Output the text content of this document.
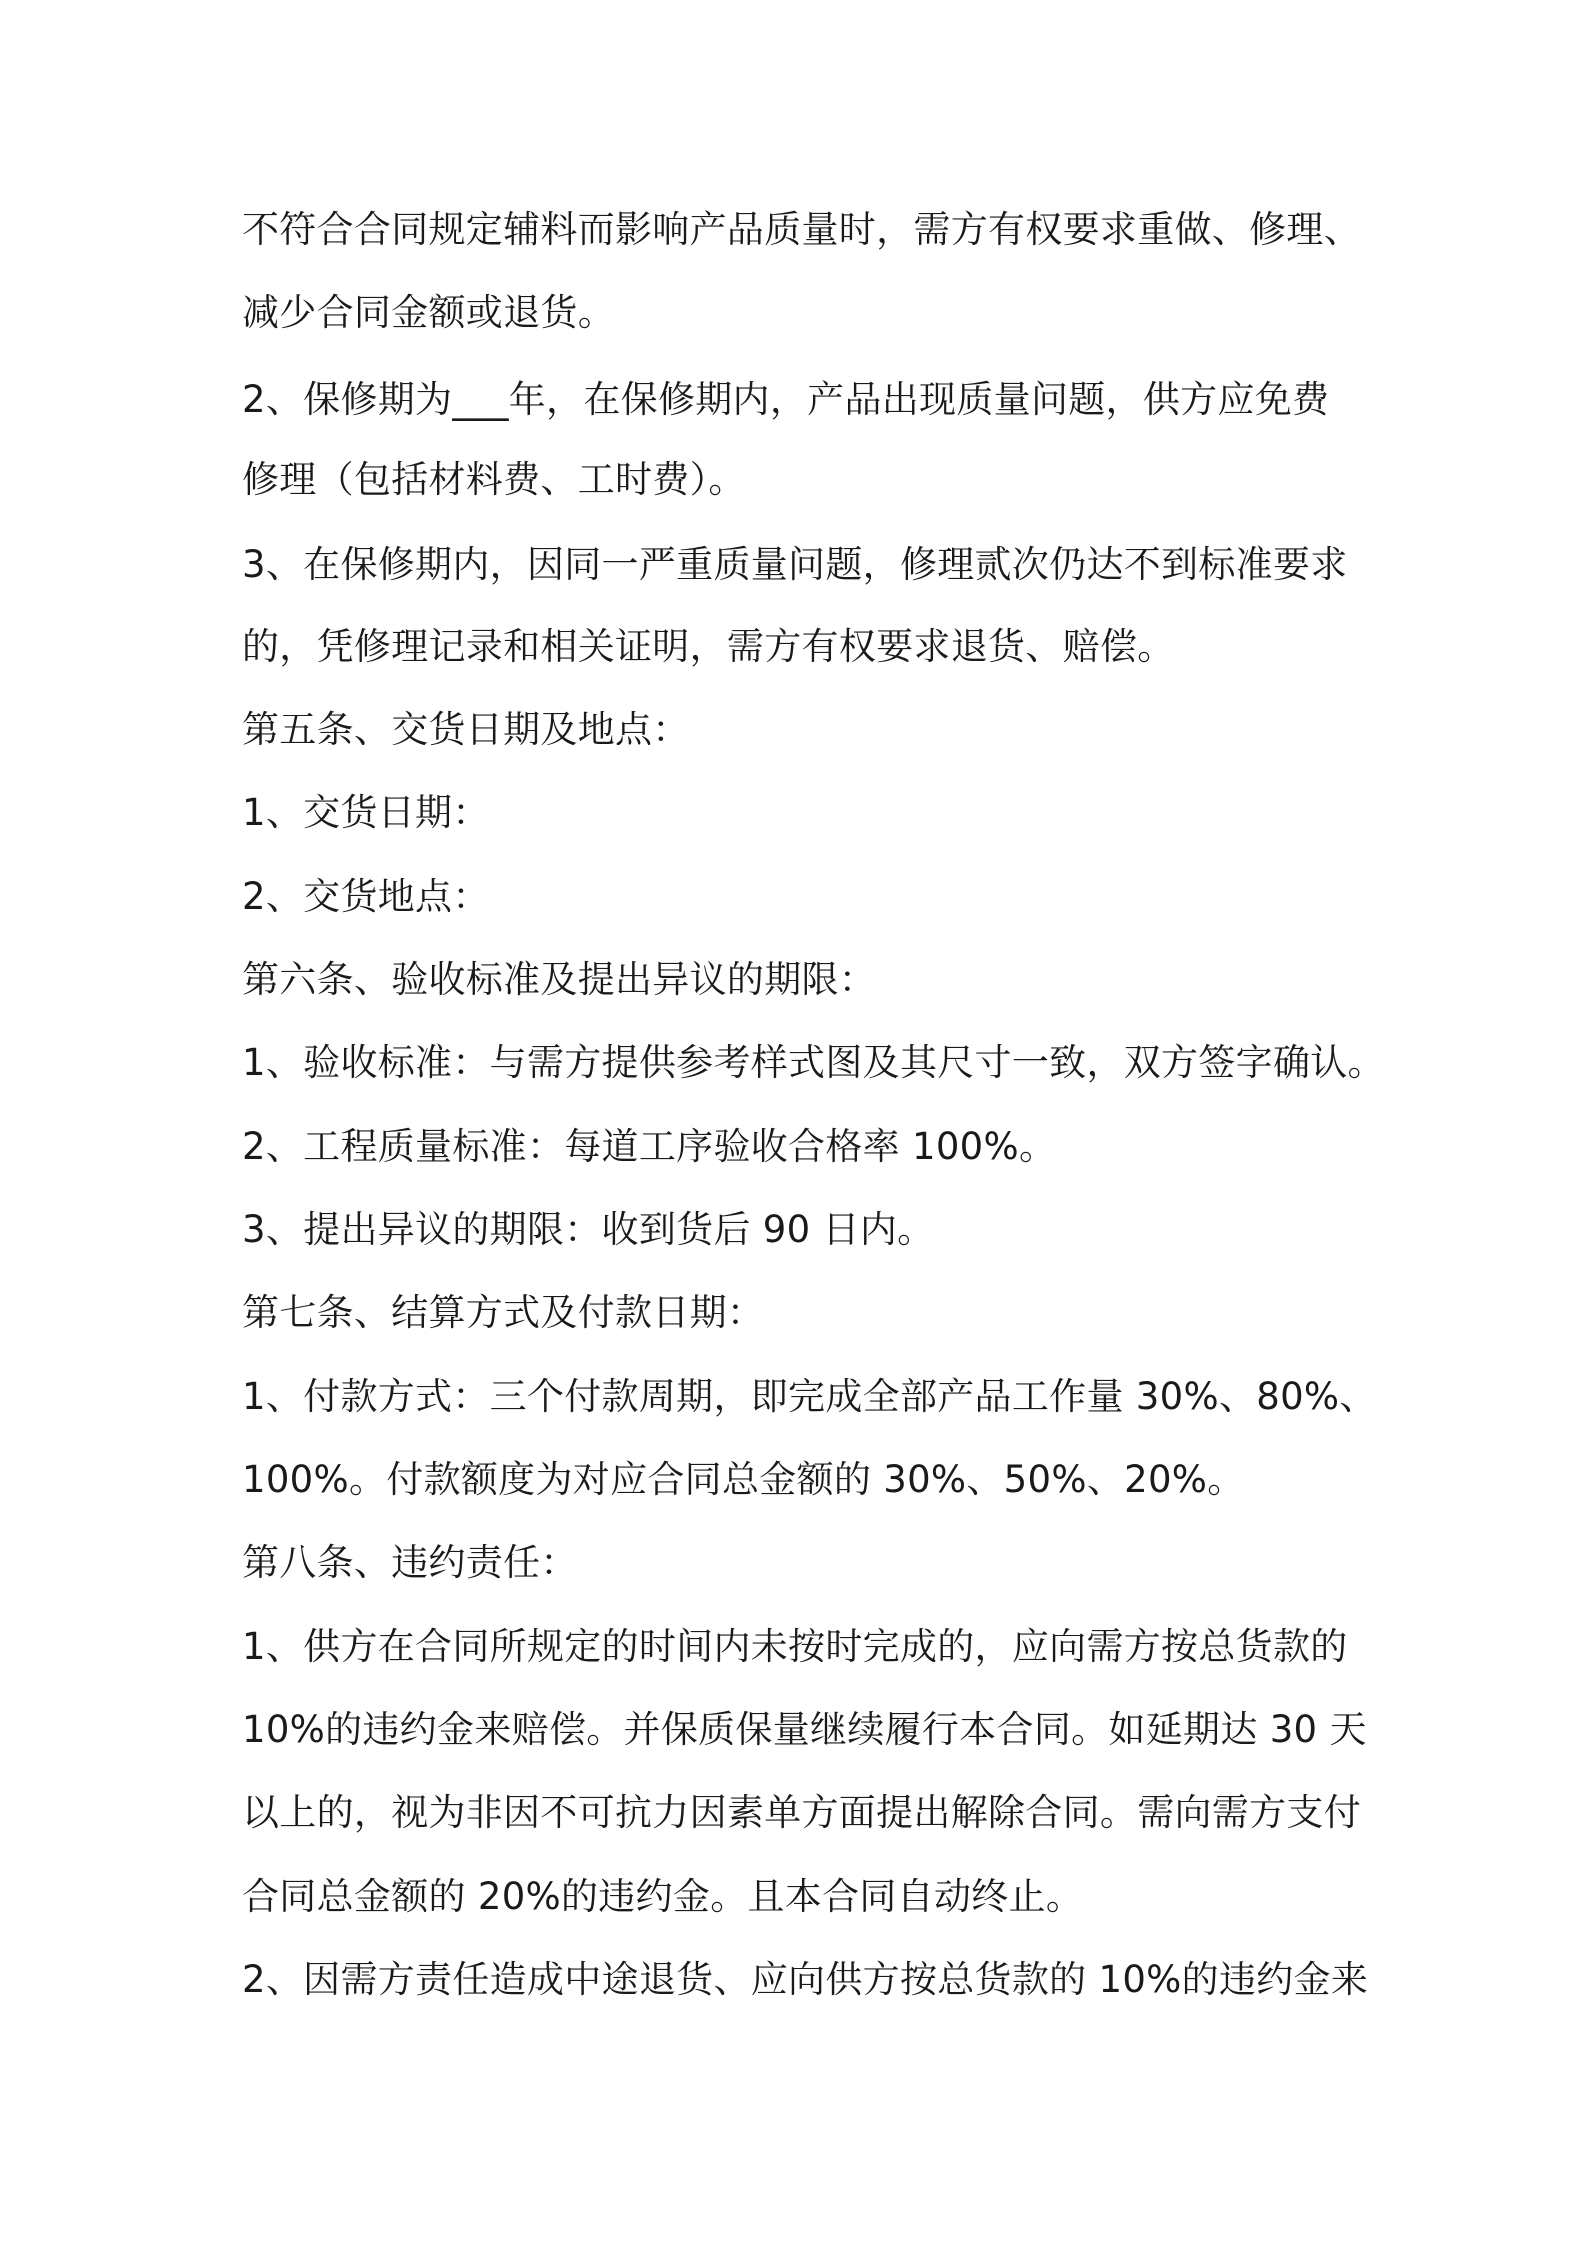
不符合合同规定辅料而影响产品质量时，需方有权要求重做、修理、
减少合同金额或退货。
2、保修期为___年，在保修期内，产品出现质量问题，供方应免费
修理（包括材料费、工时费）。
3、在保修期内，因同一严重质量问题，修理贰次仍达不到标准要求
的，凭修理记录和相关证明，需方有权要求退货、赔偿。
第五条、交货日期及地点：
1、交货日期：
2、交货地点：
第六条、验收标准及提出异议的期限：
1、验收标准：与需方提供参考样式图及其尺寸一致，双方签字确认。
2、工程质量标准：每道工序验收合格率 100%。
3、提出异议的期限：收到货后 90 日内。
第七条、结算方式及付款日期：
1、付款方式：三个付款周期，即完成全部产品工作量 30%、80%、
100%。付款额度为对应合同总金额的 30%、50%、20%。
第八条、违约责任：
1、供方在合同所规定的时间内未按时完成的，应向需方按总货款的
10%的违约金来赔偿。并保质保量继续履行本合同。如延期达 30 天
以上的，视为非因不可抗力因素单方面提出解除合同。需向需方支付
合同总金额的 20%的违约金。且本合同自动终止。
2、因需方责任造成中途退货、应向供方按总货款的 10%的违约金来
